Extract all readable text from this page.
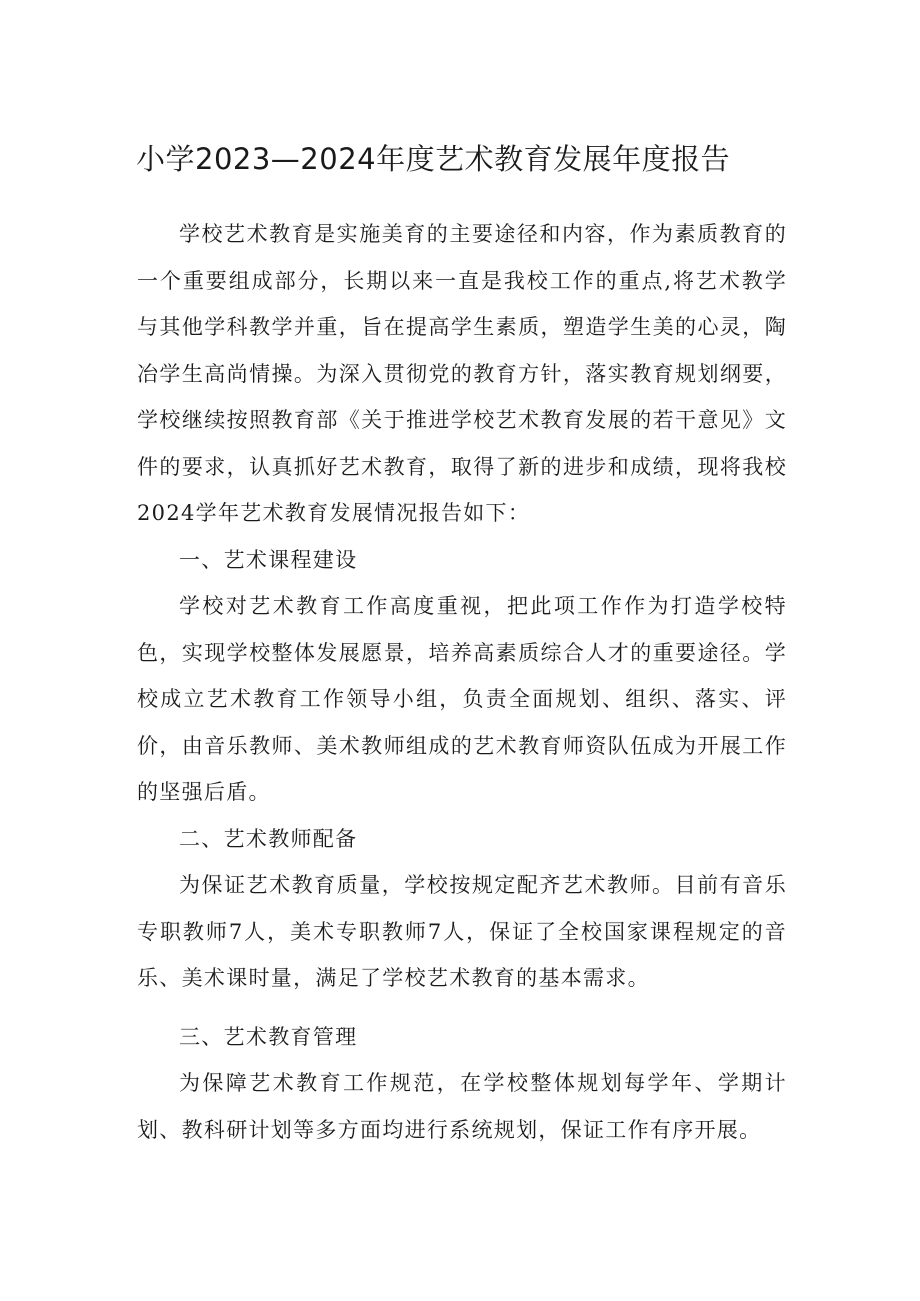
小学2023—2024年度艺术教育发展年度报告

学校艺术教育是实施美育的主要途径和内容，作为素质教育的一个重要组成部分，长期以来一直是我校工作的重点,将艺术教学与其他学科教学并重，旨在提高学生素质，塑造学生美的心灵，陶冶学生高尚情操。为深入贯彻党的教育方针，落实教育规划纲要，学校继续按照教育部《关于推进学校艺术教育发展的若干意见》文件的要求，认真抓好艺术教育，取得了新的进步和成绩，现将我校2024学年艺术教育发展情况报告如下：

一、艺术课程建设

学校对艺术教育工作高度重视，把此项工作作为打造学校特色，实现学校整体发展愿景，培养高素质综合人才的重要途径。学校成立艺术教育工作领导小组，负责全面规划、组织、落实、评价，由音乐教师、美术教师组成的艺术教育师资队伍成为开展工作的坚强后盾。

二、艺术教师配备

为保证艺术教育质量，学校按规定配齐艺术教师。目前有音乐专职教师7人，美术专职教师7人，保证了全校国家课程规定的音乐、美术课时量，满足了学校艺术教育的基本需求。

三、艺术教育管理

为保障艺术教育工作规范，在学校整体规划每学年、学期计划、教科研计划等多方面均进行系统规划，保证工作有序开展。
